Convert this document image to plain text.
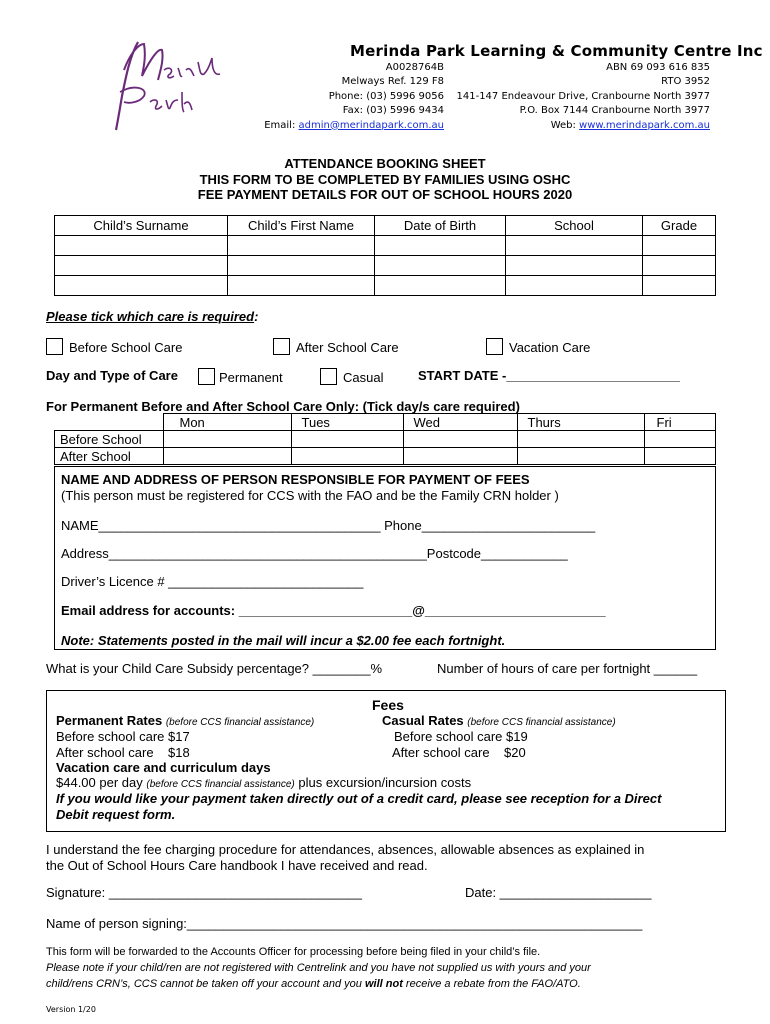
Merinda Park Learning & Community Centre Inc
A0028764B
Melways Ref. 129 F8
Phone: (03) 5996 9056
Fax: (03) 5996 9434
Email: admin@merindapark.com.au
ABN 69 093 616 835
RTO 3952
141-147 Endeavour Drive, Cranbourne North 3977
P.O. Box 7144 Cranbourne North 3977
Web: www.merindapark.com.au
ATTENDANCE BOOKING SHEET
THIS FORM TO BE COMPLETED BY FAMILIES USING OSHC
FEE PAYMENT DETAILS FOR OUT OF SCHOOL HOURS 2020
Child’s Surname	Child’s First Name	Date of Birth	School	Grade

Please tick which care is required:
Before School Care	After School Care	Vacation Care
Day and Type of Care	Permanent	Casual	START DATE -________________________
For Permanent Before and After School Care Only: (Tick day/s care required)
	Mon	Tues	Wed	Thurs	Fri
Before School					
After School					
NAME AND ADDRESS OF PERSON RESPONSIBLE FOR PAYMENT OF FEES
(This person must be registered for CCS with the FAO and be the Family CRN holder )
NAME_______________________________________ Phone________________________
Address____________________________________________Postcode____________
Driver’s Licence # ___________________________
Email address for accounts: ________________________@_________________________
Note: Statements posted in the mail will incur a $2.00 fee each fortnight.
What is your Child Care Subsidy percentage? ________%	Number of hours of care per fortnight ______
Fees
Permanent Rates (before CCS financial assistance)
Before school care $17
After school care    $18
Casual Rates (before CCS financial assistance)
Before school care $19
After school care    $20
Vacation care and curriculum days
$44.00 per day (before CCS financial assistance) plus excursion/incursion costs
If you would like your payment taken directly out of a credit card, please see reception for a Direct
Debit request form.
I understand the fee charging procedure for attendances, absences, allowable absences as explained in
the Out of School Hours Care handbook I have received and read.
Signature: ___________________________________	Date: _____________________
Name of person signing:_______________________________________________________________
This form will be forwarded to the Accounts Officer for processing before being filed in your child’s file.
Please note if your child/ren are not registered with Centrelink and you have not supplied us with yours and your
child/rens CRN’s, CCS cannot be taken off your account and you will not receive a rebate from the FAO/ATO.
Version 1/20
